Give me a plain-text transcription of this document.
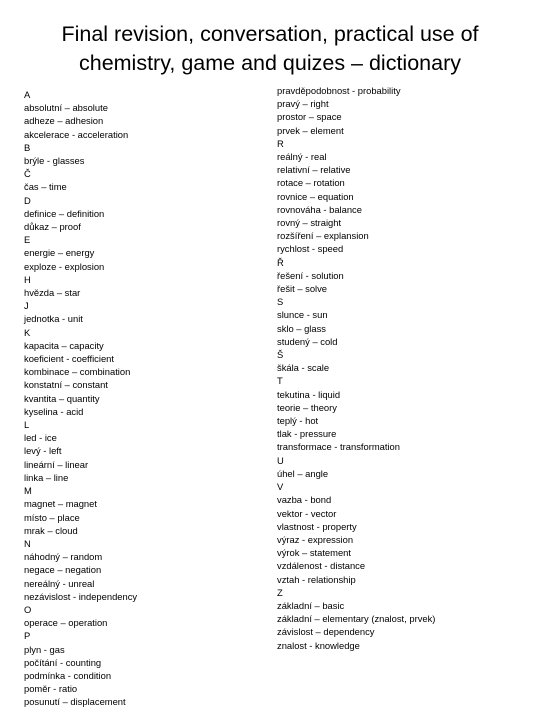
Final revision, conversation, practical use of
chemistry, game and quizes – dictionary
A
absolutní – absolute
adheze – adhesion
akcelerace - acceleration
B
brýle - glasses
Č
čas – time
D
definice – definition
důkaz – proof
E
energie – energy
exploze - explosion
H
hvězda – star
J
jednotka - unit
K
kapacita – capacity
koeficient - coefficient
kombinace – combination
konstatní – constant
kvantita – quantity
kyselina - acid
L
led - ice
levý - left
lineární – linear
linka – line
M
magnet – magnet
místo – place
mrak – cloud
N
náhodný – random
negace – negation
nereálný - unreal
nezávislost - independency
O
operace – operation
P
plyn - gas
počítání - counting
podmínka - condition
poměr - ratio
posunutí – displacement
pravděpodobnost - probability
pravý – right
prostor – space
prvek – element
R
reálný - real
relativní – relative
rotace – rotation
rovnice – equation
rovnováha - balance
rovný – straight
rozšíření – explansion
rychlost - speed
Ř
řešení - solution
řešit – solve
S
slunce - sun
sklo – glass
studený – cold
Š
škála - scale
T
tekutina - liquid
teorie – theory
teplý - hot
tlak - pressure
transformace - transformation
U
úhel – angle
V
vazba - bond
vektor - vector
vlastnost - property
výraz - expression
výrok – statement
vzdálenost - distance
vztah - relationship
Z
základní – basic
základní – elementary (znalost, prvek)
závislost – dependency
znalost - knowledge
